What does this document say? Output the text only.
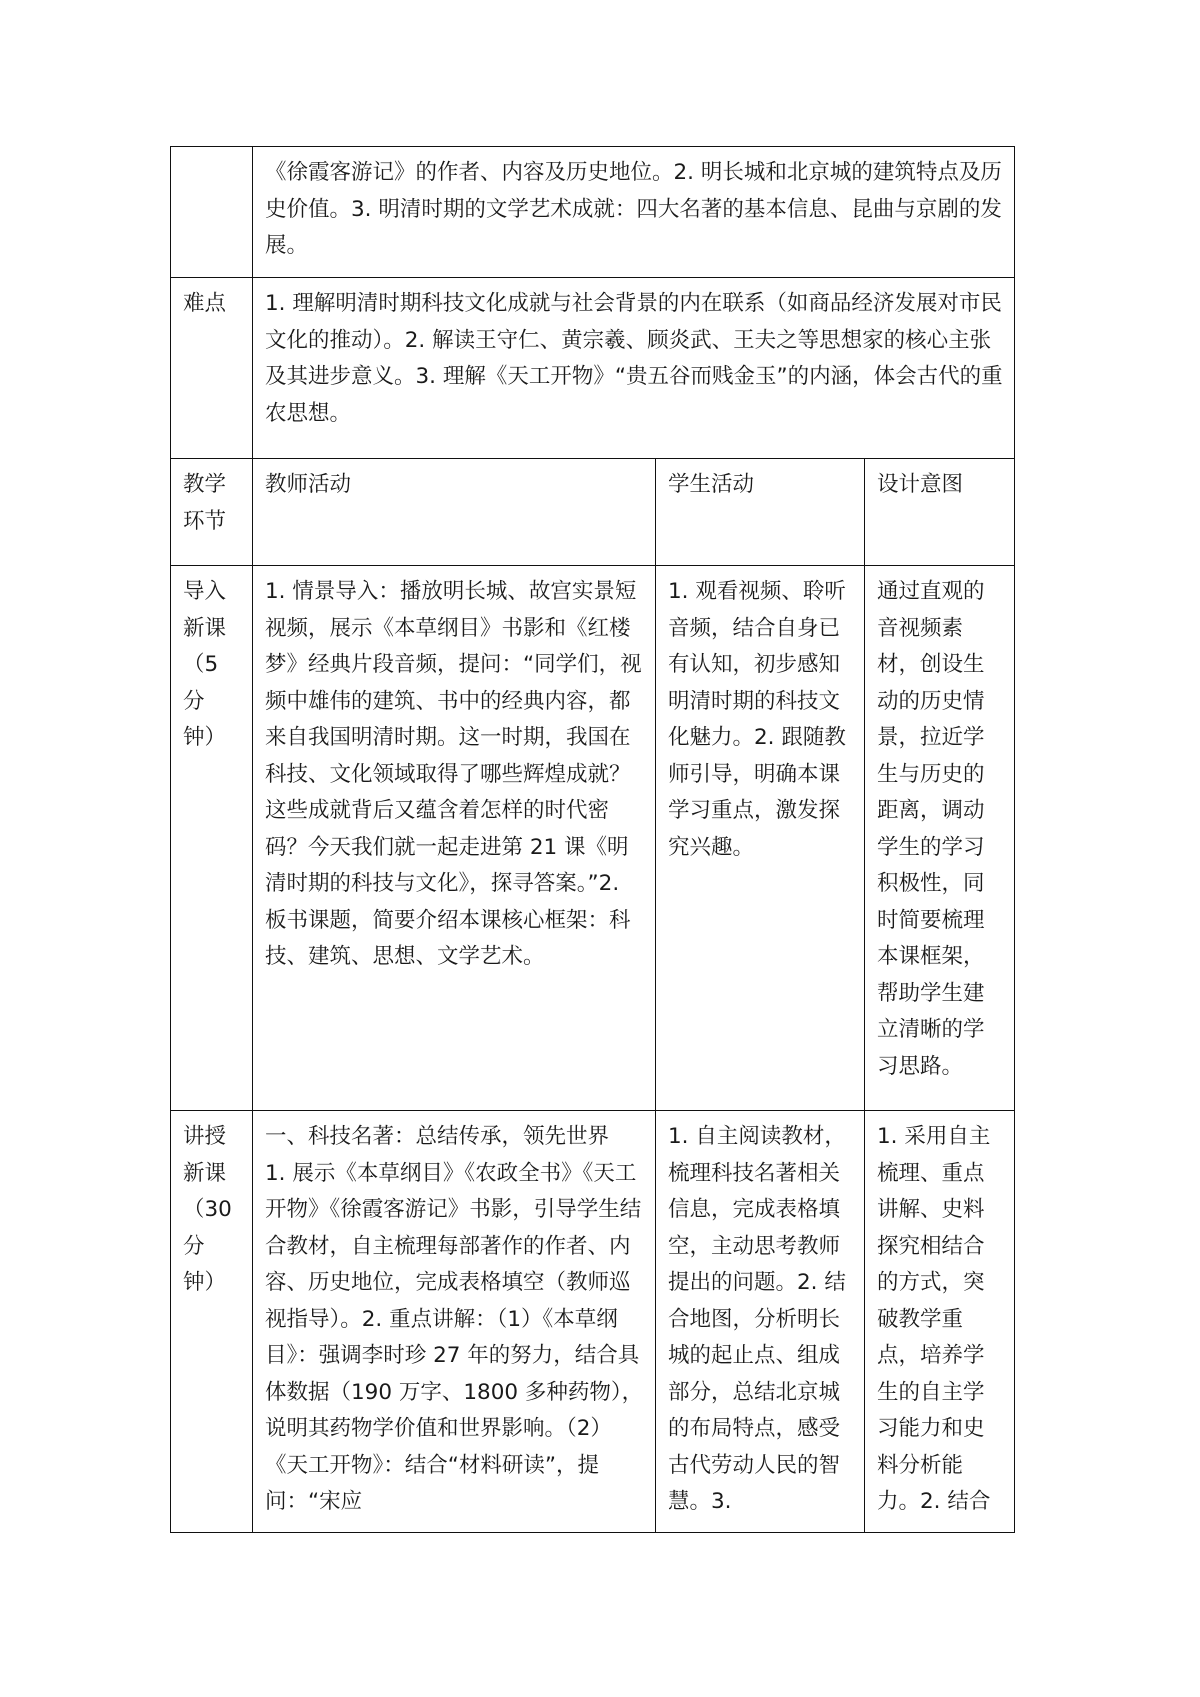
	《徐霞客游记》的作者、内容及历史地位。2. 明长城和北京城的建筑特点及历史价值。3. 明清时期的文学艺术成就：四大名著的基本信息、昆曲与京剧的发展。		
难点	1. 理解明清时期科技文化成就与社会背景的内在联系（如商品经济发展对市民文化的推动）。2. 解读王守仁、黄宗羲、顾炎武、王夫之等思想家的核心主张及其进步意义。3. 理解《天工开物》“贵五谷而贱金玉”的内涵，体会古代的重农思想。		
教学
环节	教师活动	学生活动	设计意图
导入
新课
（5
分
钟）	1. 情景导入：播放明长城、故宫实景短视频，展示《本草纲目》书影和《红楼梦》经典片段音频，提问：“同学们，视频中雄伟的建筑、书中的经典内容，都来自我国明清时期。这一时期，我国在科技、文化领域取得了哪些辉煌成就？这些成就背后又蕴含着怎样的时代密码？今天我们就一起走进第 21 课《明清时期的科技与文化》，探寻答案。”2. 板书课题，简要介绍本课核心框架：科技、建筑、思想、文学艺术。	1. 观看视频、聆听音频，结合自身已有认知，初步感知明清时期的科技文化魅力。2. 跟随教师引导，明确本课学习重点，激发探究兴趣。	通过直观的音视频素材，创设生动的历史情景，拉近学生与历史的距离，调动学生的学习积极性，同时简要梳理本课框架，帮助学生建立清晰的学习思路。
讲授
新课
（30
分
钟）	一、科技名著：总结传承，领先世界
1. 展示《本草纲目》《农政全书》《天工开物》《徐霞客游记》书影，引导学生结合教材，自主梳理每部著作的作者、内容、历史地位，完成表格填空（教师巡视指导）。2. 重点讲解：（1）《本草纲目》：强调李时珍 27 年的努力，结合具体数据（190 万字、1800 多种药物），说明其药物学价值和世界影响。（2）《天工开物》：结合“材料研读”，提问：“宋应	1. 自主阅读教材，梳理科技名著相关信息，完成表格填空，主动思考教师提出的问题。2. 结合地图，分析明长城的起止点、组成部分，总结北京城的布局特点，感受古代劳动人民的智慧。3.	1. 采用自主梳理、重点讲解、史料探究相结合的方式，突破教学重点，培养学生的自主学习能力和史料分析能力。2. 结合
